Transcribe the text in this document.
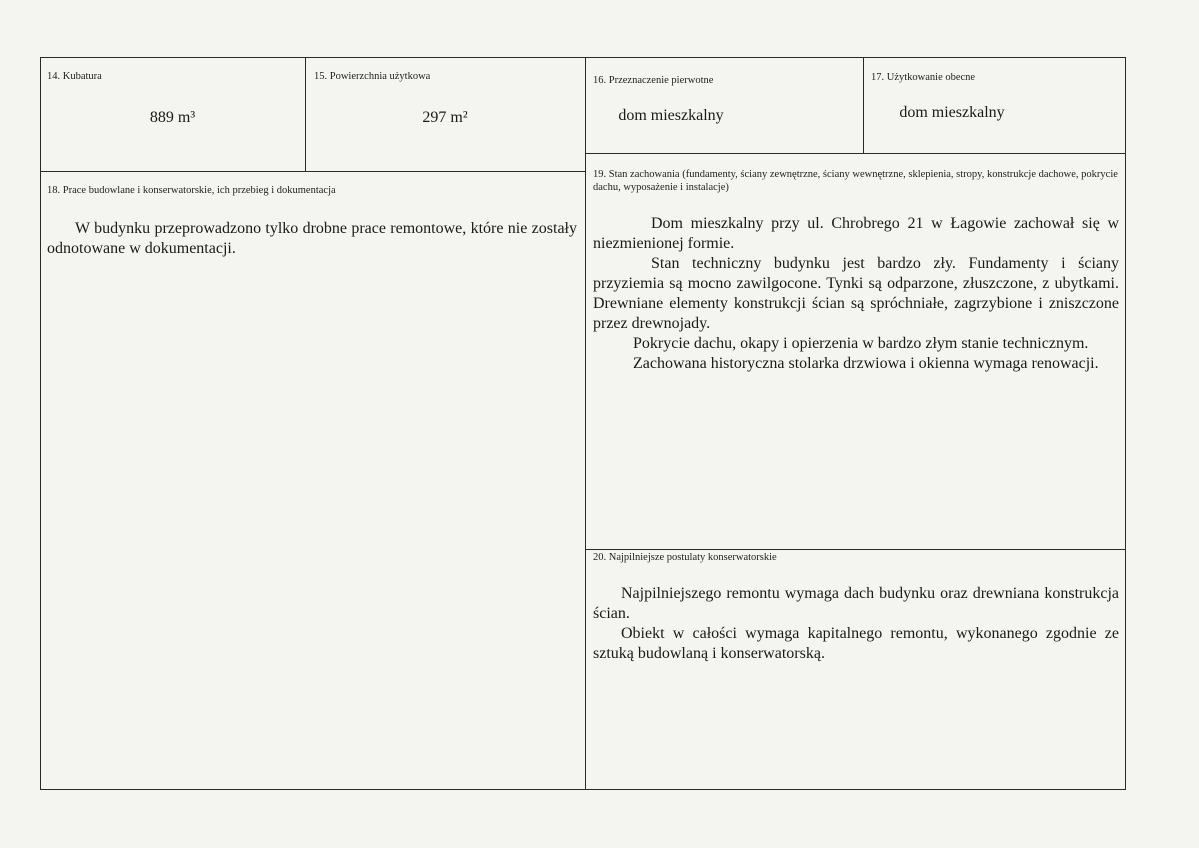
14. Kubatura
889 m³
15. Powierzchnia użytkowa
297 m²
16. Przeznaczenie pierwotne
dom mieszkalny
17. Użytkowanie obecne
dom mieszkalny
18. Prace budowlane i konserwatorskie, ich przebieg i dokumentacja

W budynku przeprowadzono tylko drobne prace remontowe, które nie zostały odnotowane w dokumentacji.

19. Stan zachowania (fundamenty, ściany zewnętrzne, ściany wewnętrzne, sklepienia, stropy, konstrukcje dachowe, pokrycie dachu, wyposażenie i instalacje)

Dom mieszkalny przy ul. Chrobrego 21 w Łagowie zachował się w niezmienionej formie.

Stan techniczny budynku jest bardzo zły. Fundamenty i ściany przyziemia są mocno zawilgocone. Tynki są odparzone, złuszczone, z ubytkami. Drewniane elementy konstrukcji ścian są spróchniałe, zagrzybione i zniszczone przez drewnojady.

Pokrycie dachu, okapy i opierzenia w bardzo złym stanie technicznym.

Zachowana historyczna stolarka drzwiowa i okienna wymaga renowacji.

20. Najpilniejsze postulaty konserwatorskie

Najpilniejszego remontu wymaga dach budynku oraz drewniana konstrukcja ścian.

Obiekt w całości wymaga kapitalnego remontu, wykonanego zgodnie ze sztuką budowlaną i konserwatorską.
